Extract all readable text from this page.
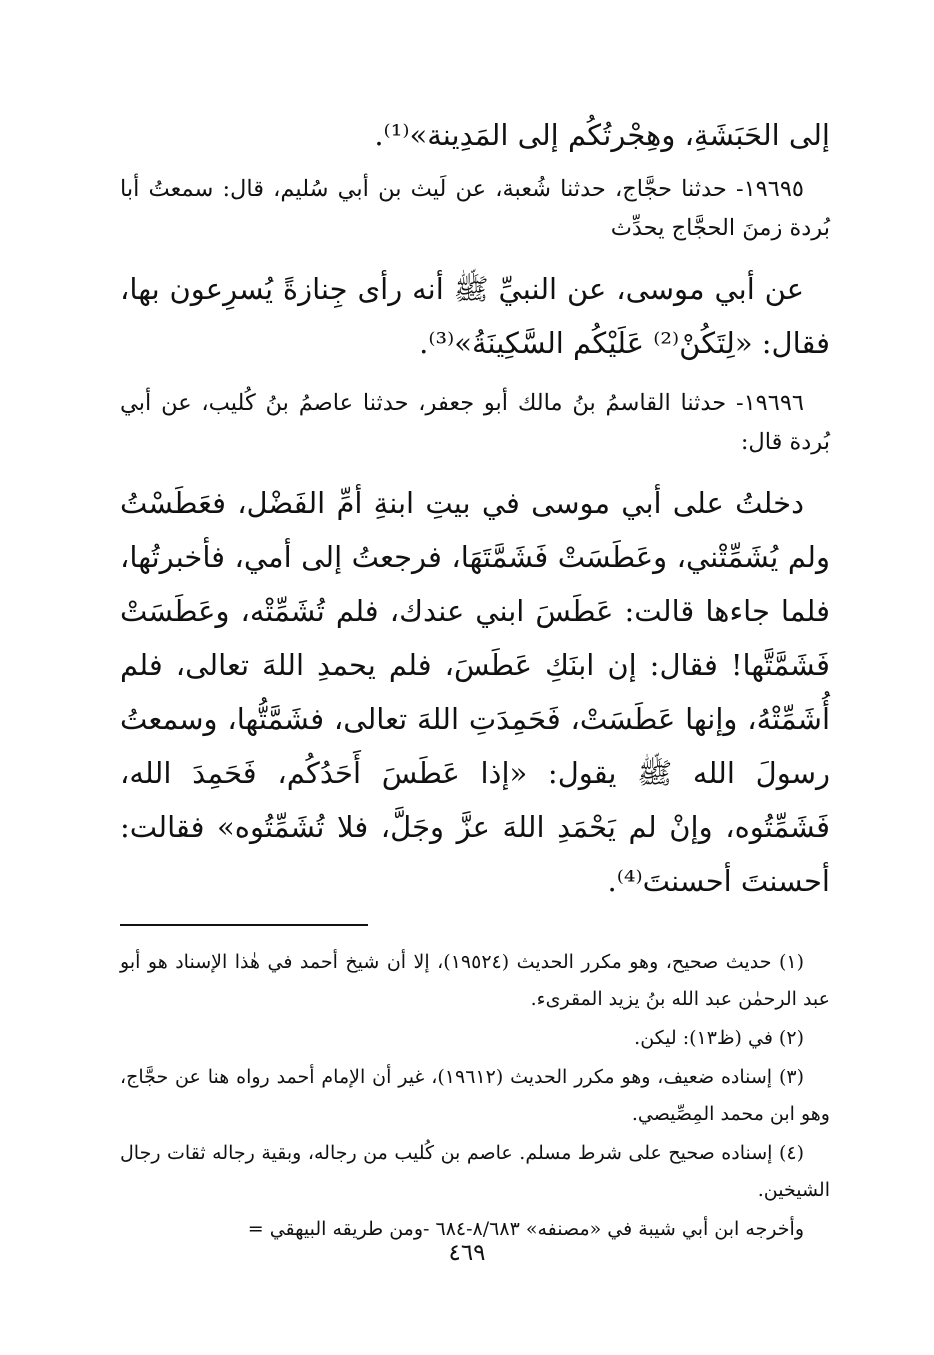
إلى الحَبَشَةِ، وهِجْرتُكُم إلى المَدِينة»⁽¹⁾.

١٩٦٩٥- حدثنا حجَّاج، حدثنا شُعبة، عن لَيث بن أبي سُليم، قال: سمعتُ أبا بُردة زمنَ الحجَّاج يحدِّث

عن أبي موسى، عن النبيِّ ﷺ أنه رأى جِنازةً يُسرِعون بها، فقال: «لِتَكُنْ⁽²⁾ عَلَيْكُم السَّكِينَةُ»⁽³⁾.

١٩٦٩٦- حدثنا القاسمُ بنُ مالك أبو جعفر، حدثنا عاصمُ بنُ كُليب، عن أبي بُردة قال:

دخلتُ على أبي موسى في بيتِ ابنةِ أمِّ الفَضْل، فعَطَسْتُ ولم يُشَمِّتْني، وعَطَسَتْ فَشَمَّتَهَا، فرجعتُ إلى أمي، فأخبرتُها، فلما جاءها قالت: عَطَسَ ابني عندك، فلم تُشَمِّتْه، وعَطَسَتْ فَشَمَّتَّها! فقال: إن ابنَكِ عَطَسَ، فلم يحمدِ اللهَ تعالى، فلم أُشَمِّتْهُ، وإنها عَطَسَتْ، فَحَمِدَتِ اللهَ تعالى، فشَمَّتُّها، وسمعتُ رسولَ الله ﷺ يقول: «إذا عَطَسَ أَحَدُكُم، فَحَمِدَ الله، فَشَمِّتُوه، وإنْ لم يَحْمَدِ اللهَ عزَّ وجَلَّ، فلا تُشَمِّتُوه» فقالت: أحسنتَ أحسنتَ⁽⁴⁾.

(١) حديث صحيح، وهو مكرر الحديث (١٩٥٢٤)، إلا أن شيخ أحمد في هٰذا الإسناد هو أبو عبد الرحمٰن عبد الله بنُ يزيد المقرىء.

(٢) في (ظ١٣): ليكن.

(٣) إسناده ضعيف، وهو مكرر الحديث (١٩٦١٢)، غير أن الإمام أحمد رواه هنا عن حجَّاج، وهو ابن محمد المِصِّيصي.

(٤) إسناده صحيح على شرط مسلم. عاصم بن كُليب من رجاله، وبقية رجاله ثقات رجال الشيخين.

وأخرجه ابن أبي شيبة في «مصنفه» ٨/٦٨٣-٦٨٤ -ومن طريقه البيهقي =

٤٦٩
